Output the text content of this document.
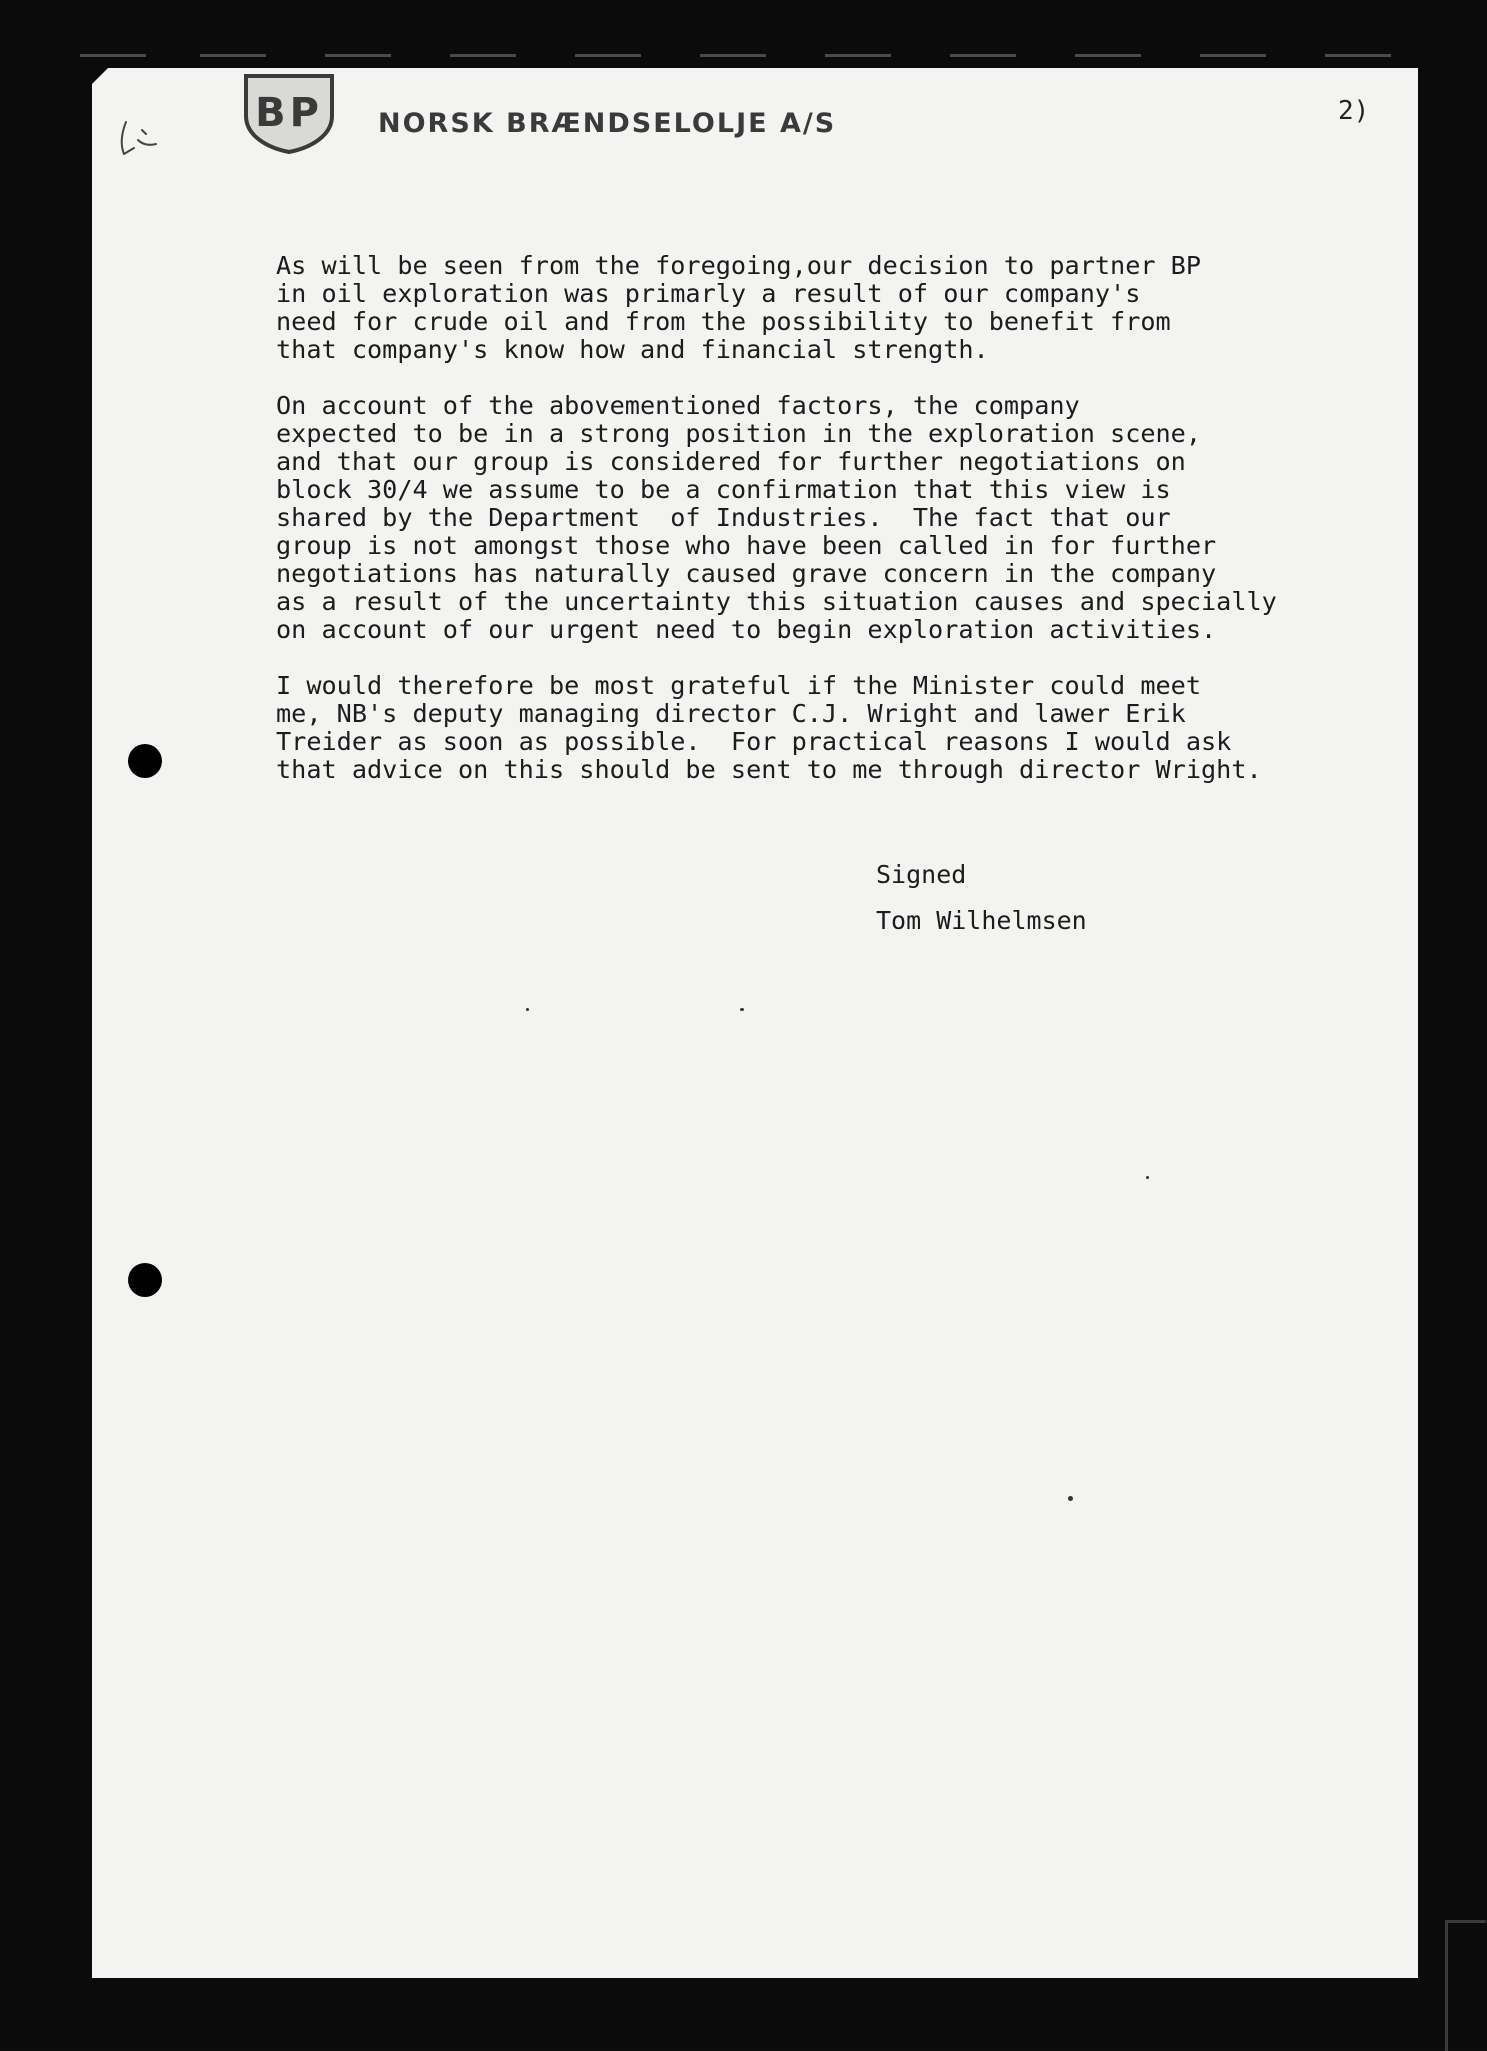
BP NORSK BRÆNDSELOLJE A/S	2)
As will be seen from the foregoing,our decision to partner BP
in oil exploration was primarly a result of our company's
need for crude oil and from the possibility to benefit from
that company's know how and financial strength.
On account of the abovementioned factors, the company
expected to be in a strong position in the exploration scene,
and that our group is considered for further negotiations on
block 30/4 we assume to be a confirmation that this view is
shared by the Department  of Industries.  The fact that our
group is not amongst those who have been called in for further
negotiations has naturally caused grave concern in the company
as a result of the uncertainty this situation causes and specially
on account of our urgent need to begin exploration activities.
I would therefore be most grateful if the Minister could meet
me, NB's deputy managing director C.J. Wright and lawer Erik
Treider as soon as possible.  For practical reasons I would ask
that advice on this should be sent to me through director Wright.
Signed
Tom Wilhelmsen
